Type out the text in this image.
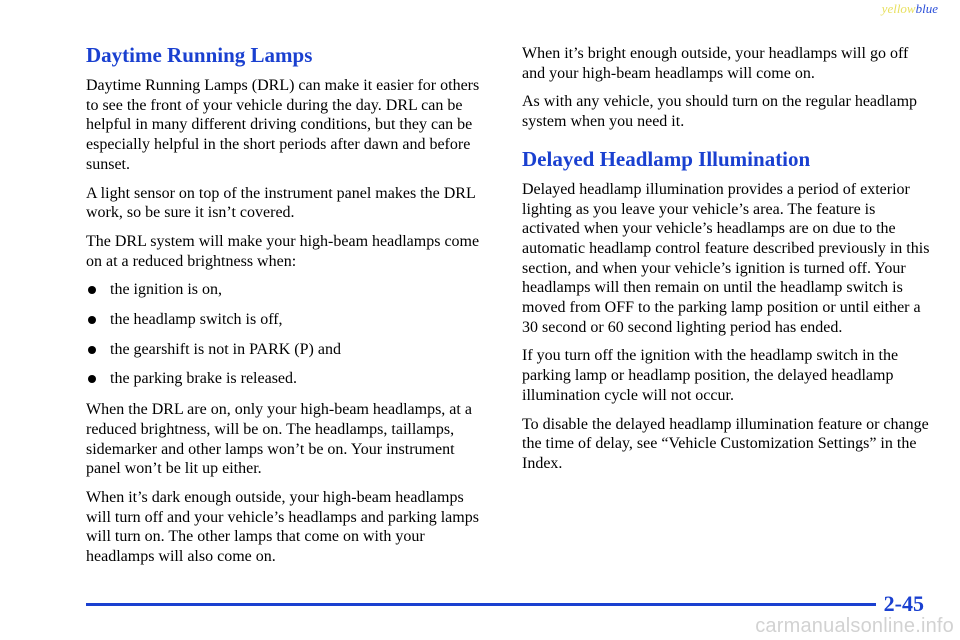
yellowblue
Daytime Running Lamps

Daytime Running Lamps (DRL) can make it easier for others to see the front of your vehicle during the day. DRL can be helpful in many different driving conditions, but they can be especially helpful in the short periods after dawn and before sunset.

A light sensor on top of the instrument panel makes the DRL work, so be sure it isn’t covered.

The DRL system will make your high‑beam headlamps come on at a reduced brightness when:

the ignition is on,
the headlamp switch is off,
the gearshift is not in PARK (P) and
the parking brake is released.

When the DRL are on, only your high‑beam headlamps, at a reduced brightness, will be on. The headlamps, taillamps, sidemarker and other lamps won’t be on. Your instrument panel won’t be lit up either.

When it’s dark enough outside, your high‑beam headlamps will turn off and your vehicle’s headlamps and parking lamps will turn on. The other lamps that come on with your headlamps will also come on.

When it’s bright enough outside, your headlamps will go off and your high‑beam headlamps will come on.

As with any vehicle, you should turn on the regular headlamp system when you need it.

Delayed Headlamp Illumination

Delayed headlamp illumination provides a period of exterior lighting as you leave your vehicle’s area. The feature is activated when your vehicle’s headlamps are on due to the automatic headlamp control feature described previously in this section, and when your vehicle’s ignition is turned off. Your headlamps will then remain on until the headlamp switch is moved from OFF to the parking lamp position or until either a 30 second or 60 second lighting period has ended.

If you turn off the ignition with the headlamp switch in the parking lamp or headlamp position, the delayed headlamp illumination cycle will not occur.

To disable the delayed headlamp illumination feature or change the time of delay, see “Vehicle Customization Settings” in the Index.

2-45
carmanualsonline.info
